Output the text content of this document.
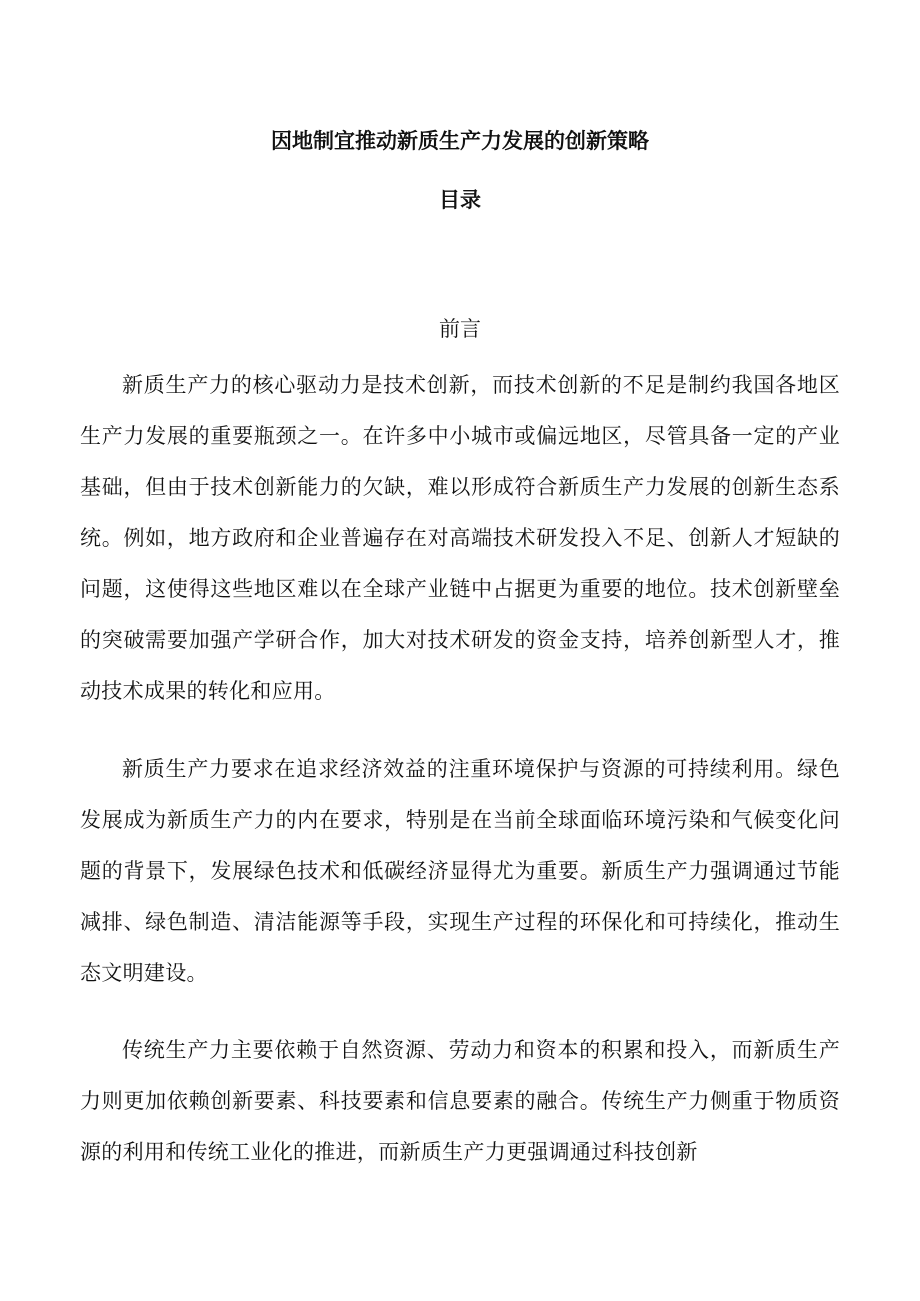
因地制宜推动新质生产力发展的创新策略
目录
前言

新质生产力的核心驱动力是技术创新，而技术创新的不足是制约我国各地区生产力发展的重要瓶颈之一。在许多中小城市或偏远地区，尽管具备一定的产业基础，但由于技术创新能力的欠缺，难以形成符合新质生产力发展的创新生态系统。例如，地方政府和企业普遍存在对高端技术研发投入不足、创新人才短缺的问题，这使得这些地区难以在全球产业链中占据更为重要的地位。技术创新壁垒的突破需要加强产学研合作，加大对技术研发的资金支持，培养创新型人才，推动技术成果的转化和应用。

新质生产力要求在追求经济效益的注重环境保护与资源的可持续利用。绿色发展成为新质生产力的内在要求，特别是在当前全球面临环境污染和气候变化问题的背景下，发展绿色技术和低碳经济显得尤为重要。新质生产力强调通过节能减排、绿色制造、清洁能源等手段，实现生产过程的环保化和可持续化，推动生态文明建设。

传统生产力主要依赖于自然资源、劳动力和资本的积累和投入，而新质生产力则更加依赖创新要素、科技要素和信息要素的融合。传统生产力侧重于物质资源的利用和传统工业化的推进，而新质生产力更强调通过科技创新
